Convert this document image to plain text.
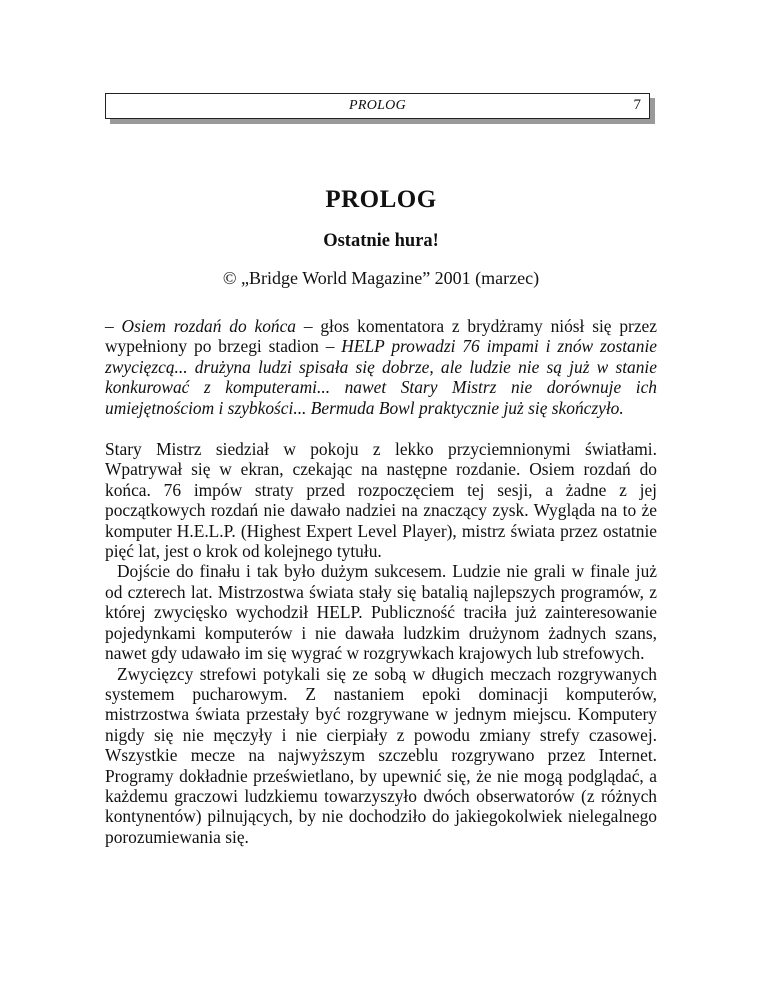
PROLOG	7
PROLOG
Ostatnie hura!
© „Bridge World Magazine” 2001 (marzec)

– Osiem rozdań do końca – głos komentatora z brydżramy niósł się przez wypełniony po brzegi stadion – HELP prowadzi 76 impami i znów zostanie zwycięzcą... drużyna ludzi spisała się dobrze, ale ludzie nie są już w stanie konkurować z komputerami... nawet Stary Mistrz nie dorównuje ich umiejętnościom i szybkości... Bermuda Bowl praktycznie już się skończyło.

Stary Mistrz siedział w pokoju z lekko przyciemnionymi światłami. Wpatrywał się w ekran, czekając na następne rozdanie. Osiem rozdań do końca. 76 impów straty przed rozpoczęciem tej sesji, a żadne z jej początkowych rozdań nie dawało nadziei na znaczący zysk. Wygląda na to że komputer H.E.L.P. (Highest Expert Level Player), mistrz świata przez ostatnie pięć lat, jest o krok od kolejnego tytułu.

Dojście do finału i tak było dużym sukcesem. Ludzie nie grali w finale już od czterech lat. Mistrzostwa świata stały się batalią najlepszych programów, z której zwycięsko wychodził HELP. Publiczność traciła już zainteresowanie pojedynkami komputerów i nie dawała ludzkim drużynom żadnych szans, nawet gdy udawało im się wygrać w rozgrywkach krajowych lub strefowych.

Zwycięzcy strefowi potykali się ze sobą w długich meczach rozgrywanych systemem pucharowym. Z nastaniem epoki dominacji komputerów, mistrzostwa świata przestały być rozgrywane w jednym miejscu. Komputery nigdy się nie męczyły i nie cierpiały z powodu zmiany strefy czasowej. Wszystkie mecze na najwyższym szczeblu rozgrywano przez Internet. Programy dokładnie prześwietlano, by upewnić się, że nie mogą podglądać, a każdemu graczowi ludzkiemu towarzyszyło dwóch obserwatorów (z różnych kontynentów) pilnujących, by nie dochodziło do jakiegokolwiek nielegalnego porozumiewania się.
